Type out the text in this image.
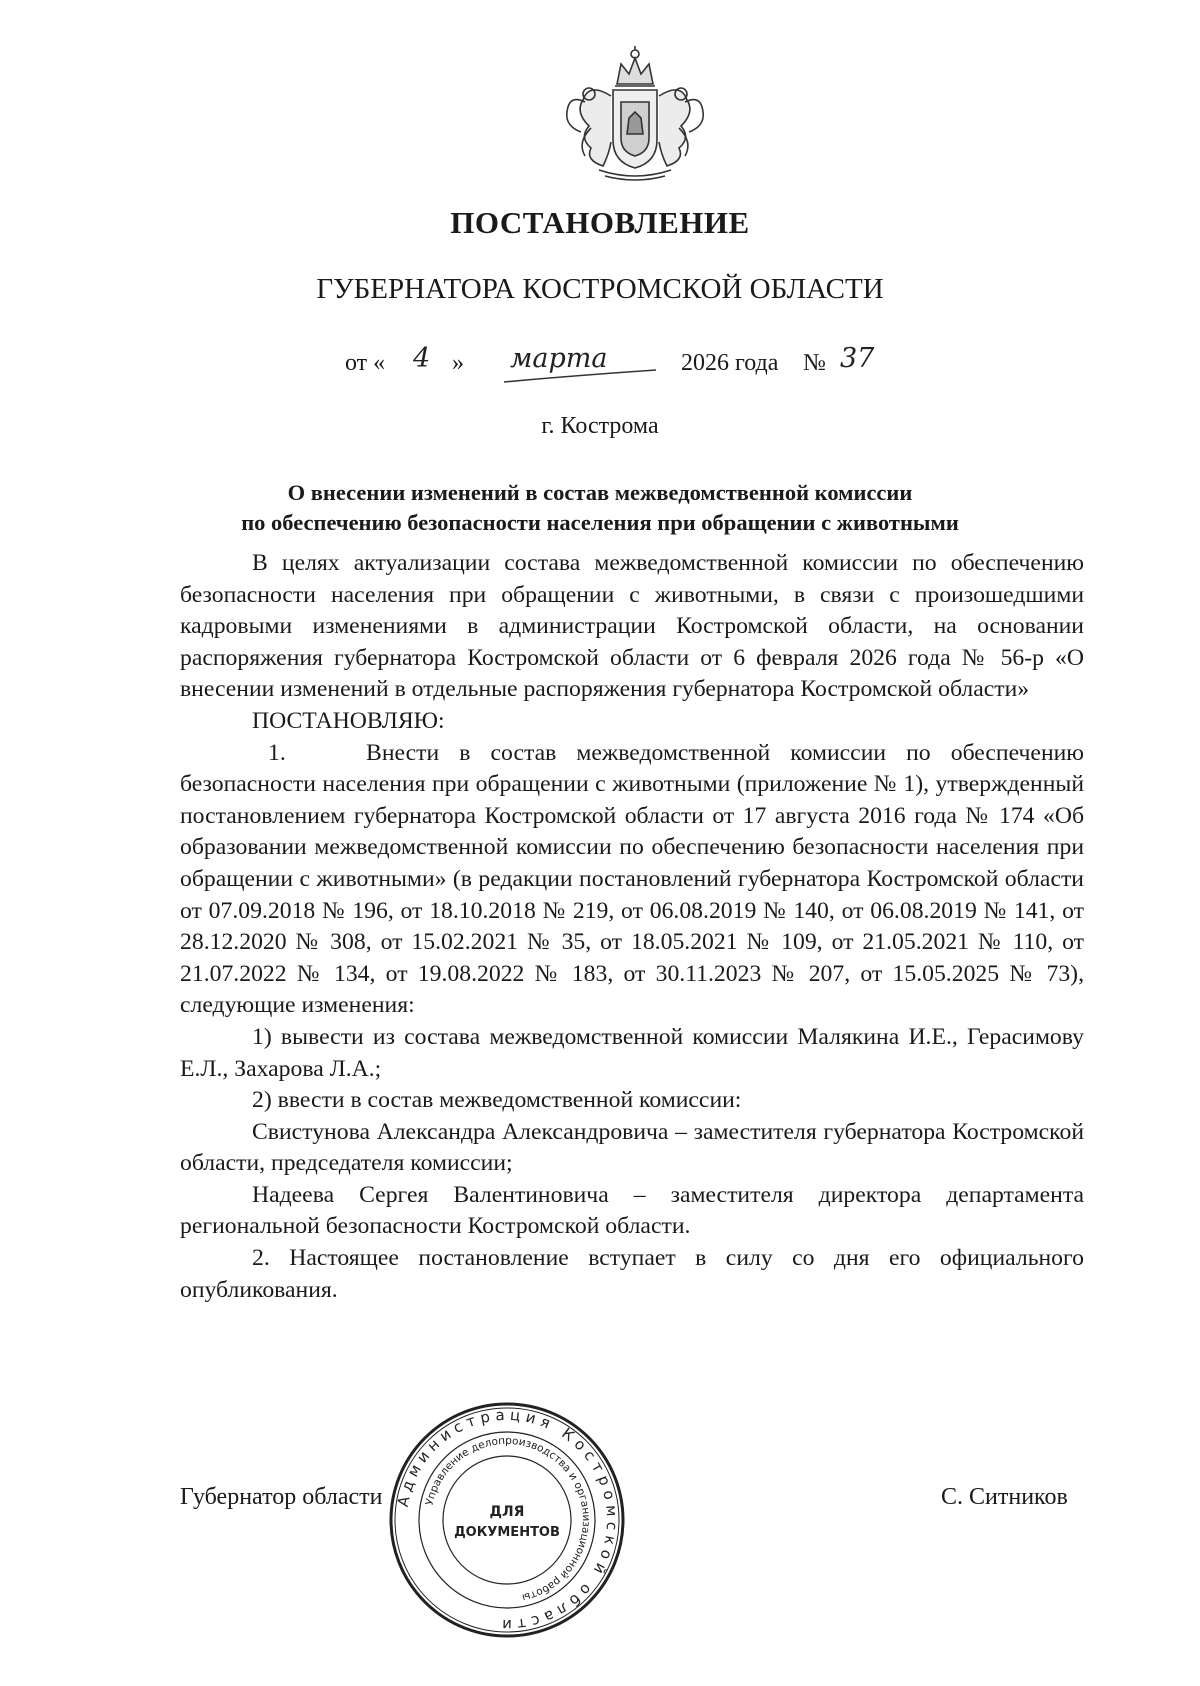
ПОСТАНОВЛЕНИЕ
ГУБЕРНАТОРА КОСТРОМСКОЙ ОБЛАСТИ
от « 4 » марта	2026 года № 37
г. Кострома
О внесении изменений в состав межведомственной комиссии
по обеспечению безопасности населения при обращении с животными

В целях актуализации состава межведомственной комиссии по обеспечению безопасности населения при обращении с животными, в связи с произошедшими кадровыми изменениями в администрации Костромской области, на основании распоряжения губернатора Костромской области от 6 февраля 2026 года № 56-р «О внесении изменений в отдельные распоряжения губернатора Костромской области»

ПОСТАНОВЛЯЮ:

1.    Внести в состав межведомственной комиссии по обеспечению безопасности населения при обращении с животными (приложение № 1), утвержденный постановлением губернатора Костромской области от 17 августа 2016 года № 174 «Об образовании межведомственной комиссии по обеспечению безопасности населения при обращении с животными» (в редакции постановлений губернатора Костромской области от 07.09.2018 № 196, от 18.10.2018 № 219, от 06.08.2019 № 140, от 06.08.2019 № 141, от 28.12.2020 № 308, от 15.02.2021 № 35, от 18.05.2021 № 109, от 21.05.2021 № 110, от 21.07.2022 № 134, от 19.08.2022 № 183, от 30.11.2023 № 207, от 15.05.2025 № 73), следующие изменения:

1) вывести из состава межведомственной комиссии Малякина И.Е., Герасимову Е.Л., Захарова Л.А.;

2) ввести в состав межведомственной комиссии:

Свистунова Александра Александровича – заместителя губернатора Костромской области, председателя комиссии;

Надеева Сергея Валентиновича – заместителя директора департамента региональной безопасности Костромской области.

2. Настоящее постановление вступает в силу со дня его официального опубликования.

Губернатор области	С. Ситников
Администрация Костромской области
Управление делопроизводства и организационной работы
ДЛЯ
ДОКУМЕНТОВ
